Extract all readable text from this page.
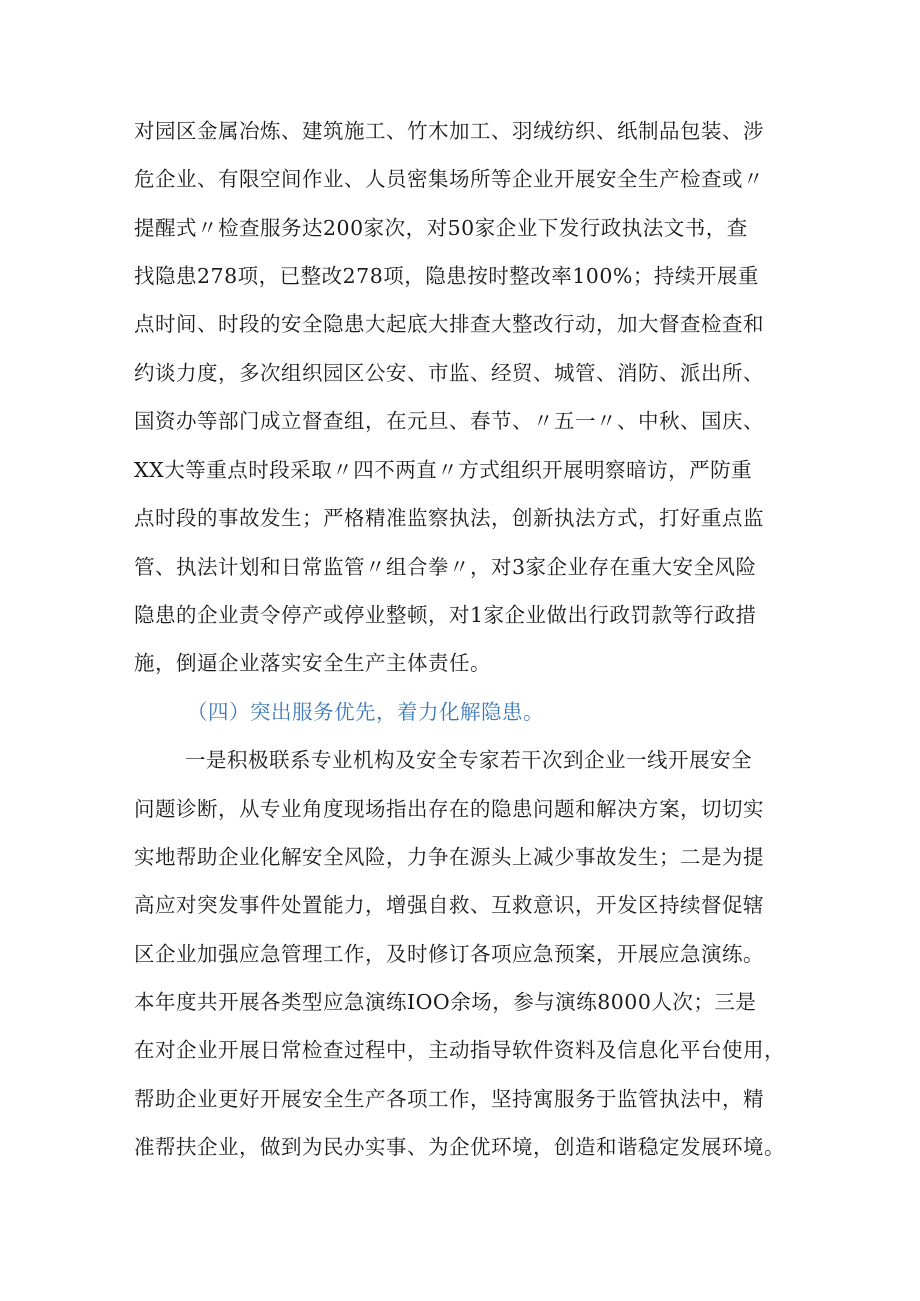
对园区金属冶炼、建筑施工、竹木加工、羽绒纺织、纸制品包装、涉

危企业、有限空间作业、人员密集场所等企业开展安全生产检查或〃

提醒式〃检查服务达200家次，对50家企业下发行政执法文书，查

找隐患278项，已整改278项，隐患按时整改率100%；持续开展重

点时间、时段的安全隐患大起底大排查大整改行动，加大督查检查和

约谈力度，多次组织园区公安、市监、经贸、城管、消防、派出所、

国资办等部门成立督查组，在元旦、春节、〃五一〃、中秋、国庆、

XX大等重点时段采取〃四不两直〃方式组织开展明察暗访，严防重

点时段的事故发生；严格精准监察执法，创新执法方式，打好重点监

管、执法计划和日常监管〃组合拳〃，对3家企业存在重大安全风险

隐患的企业责令停产或停业整顿，对1家企业做出行政罚款等行政措

施，倒逼企业落实安全生产主体责任。

（四）突出服务优先，着力化解隐患。

一是积极联系专业机构及安全专家若干次到企业一线开展安全

问题诊断，从专业角度现场指出存在的隐患问题和解决方案，切切实

实地帮助企业化解安全风险，力争在源头上减少事故发生；二是为提

高应对突发事件处置能力，增强自救、互救意识，开发区持续督促辖

区企业加强应急管理工作，及时修订各项应急预案，开展应急演练。

本年度共开展各类型应急演练IOO余场，参与演练8000人次；三是

在对企业开展日常检查过程中，主动指导软件资料及信息化平台使用，

帮助企业更好开展安全生产各项工作，坚持寓服务于监管执法中，精

准帮扶企业，做到为民办实事、为企优环境，创造和谐稳定发展环境。
